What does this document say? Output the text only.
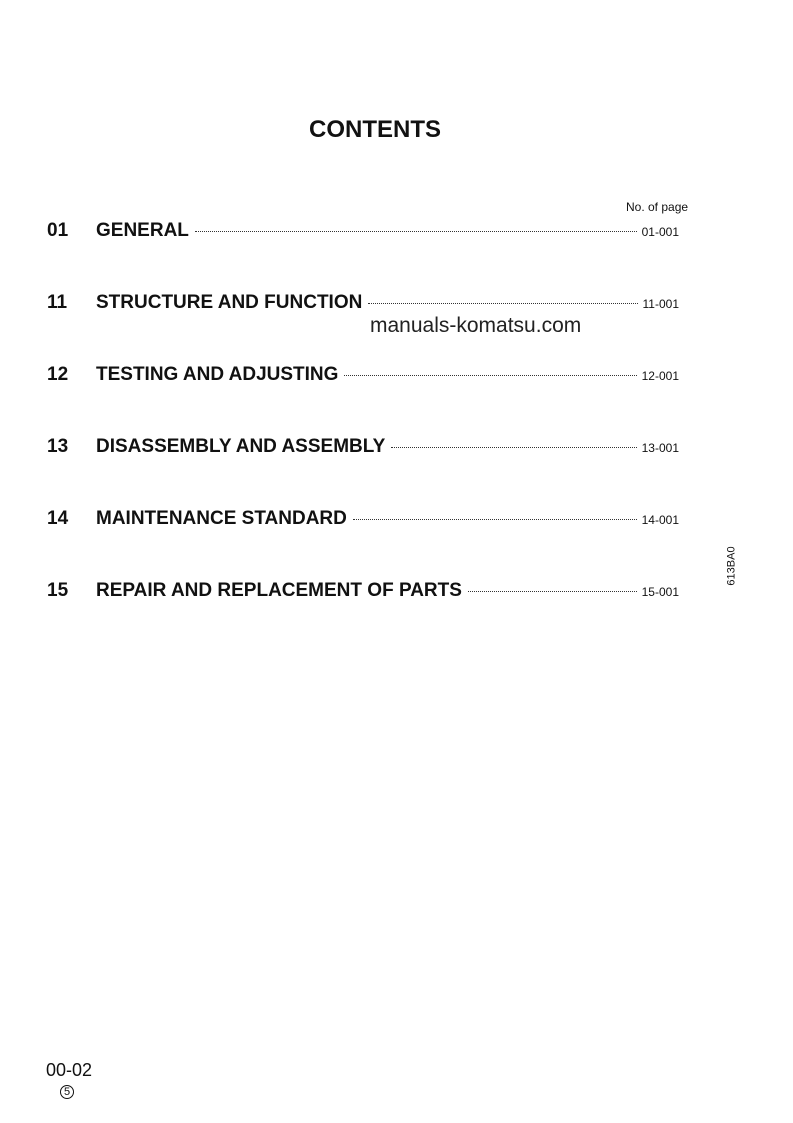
CONTENTS
No. of page
01	GENERAL	01-001
11	STRUCTURE AND FUNCTION	11-001
12	TESTING AND ADJUSTING	12-001
13	DISASSEMBLY AND ASSEMBLY	13-001
14	MAINTENANCE STANDARD	14-001
15	REPAIR AND REPLACEMENT OF PARTS	15-001
manuals-komatsu.com
613BA0
00-02
5
